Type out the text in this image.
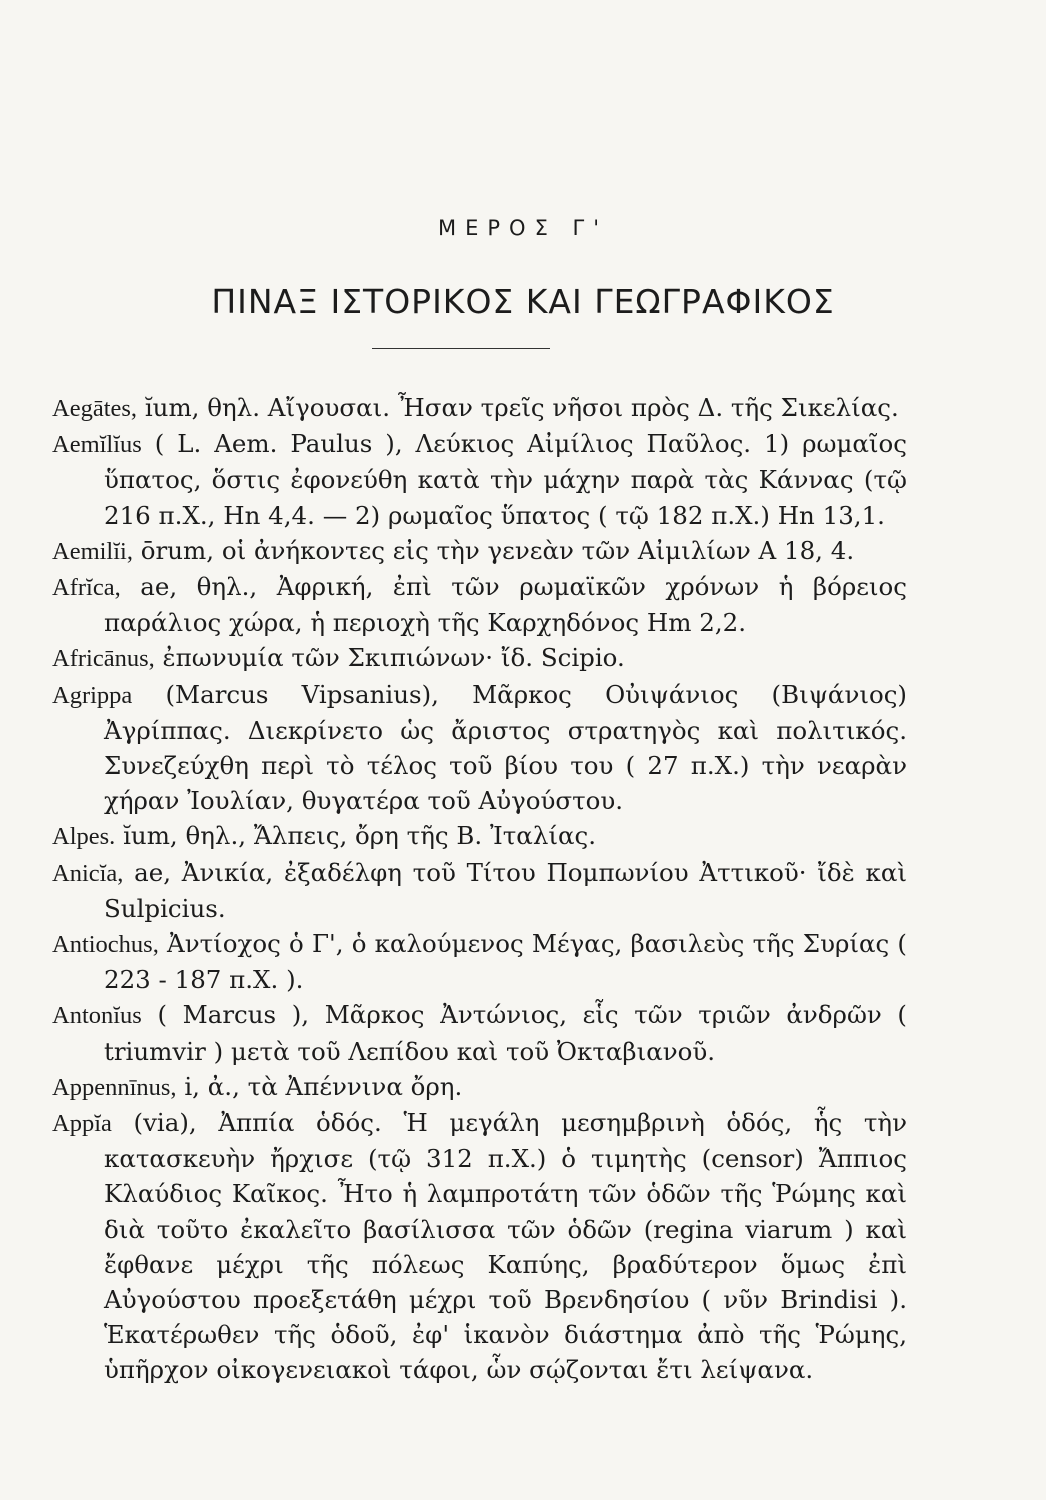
ΜΕΡΟΣ Γ'
ΠΙΝΑΞ ΙΣΤΟΡΙΚΟΣ ΚΑΙ ΓΕΩΓΡΑΦΙΚΟΣ
Aegātes, ĭum, θηλ. Αἴγουσαι. Ἦσαν τρεῖς νῆσοι πρὸς Δ. τῆς Σικελίας.
Aemĭlĭus ( L. Aem. Paulus ), Λεύκιος Αἰμίλιος Παῦλος. 1) ρωμαῖος ὕπατος, ὅστις ἐφονεύθη κατὰ τὴν μάχην παρὰ τὰς Κάννας (τῷ 216 π.Χ., Hn 4,4. — 2) ρωμαῖος ὕπατος ( τῷ 182 π.Χ.) Hn 13,1.
Aemilĭi, ōrum, οἱ ἀνήκοντες εἰς τὴν γενεὰν τῶν Αἰμιλίων A 18, 4.
Afrĭca, ae, θηλ., Ἀφρική, ἐπὶ τῶν ρωμαϊκῶν χρόνων ἡ βόρειος παράλιος χώρα, ἡ περιοχὴ τῆς Καρχηδόνος Hm 2,2.
Africānus, ἐπωνυμία τῶν Σκιπιώνων· ἴδ. Scipio.
Agrippa (Marcus Vipsanius), Μᾶρκος Οὐιψάνιος (Βιψάνιος) Ἀγρίππας. Διεκρίνετο ὡς ἄριστος στρατηγὸς καὶ πολιτικός. Συνεζεύχθη περὶ τὸ τέλος τοῦ βίου του ( 27 π.Χ.) τὴν νεαρὰν χήραν Ἰουλίαν, θυγατέρα τοῦ Αὐγούστου.
Alpes. ĭum, θηλ., Ἄλπεις, ὄρη τῆς Β. Ἰταλίας.
Anicĭa, ae, Ἀνικία, ἐξαδέλφη τοῦ Τίτου Πομπωνίου Ἀττικοῦ· ἴδὲ καὶ Sulpicius.
Antiochus, Ἀντίοχος ὁ Γ', ὁ καλούμενος Μέγας, βασιλεὺς τῆς Συρίας ( 223 - 187 π.Χ. ).
Antonĭus ( Marcus ), Μᾶρκος Ἀντώνιος, εἷς τῶν τριῶν ἀνδρῶν ( triumvir ) μετὰ τοῦ Λεπίδου καὶ τοῦ Ὀκταβιανοῦ.
Appennīnus, i, ἀ., τὰ Ἀπέννινα ὄρη.
Appĭa (via), Ἀππία ὁδός. Ἡ μεγάλη μεσημβρινὴ ὁδός, ἧς τὴν κατασκευὴν ἤρχισε (τῷ 312 π.Χ.) ὁ τιμητὴς (censor) Ἄππιος Κλαύδιος Καῖκος. Ἦτο ἡ λαμπροτάτη τῶν ὁδῶν τῆς Ῥώμης καὶ διὰ τοῦτο ἐκαλεῖτο βασίλισσα τῶν ὁδῶν (regina viarum ) καὶ ἔφθανε μέχρι τῆς πόλεως Καπύης, βραδύτερον ὅμως ἐπὶ Αὐγούστου προεξετάθη μέχρι τοῦ Βρενδησίου ( νῦν Brindisi ). Ἑκατέρωθεν τῆς ὁδοῦ, ἐφ' ἱκανὸν διάστημα ἀπὸ τῆς Ῥώμης, ὑπῆρχον οἰκογενειακοὶ τάφοι, ὧν σῴζονται ἔτι λείψανα.
